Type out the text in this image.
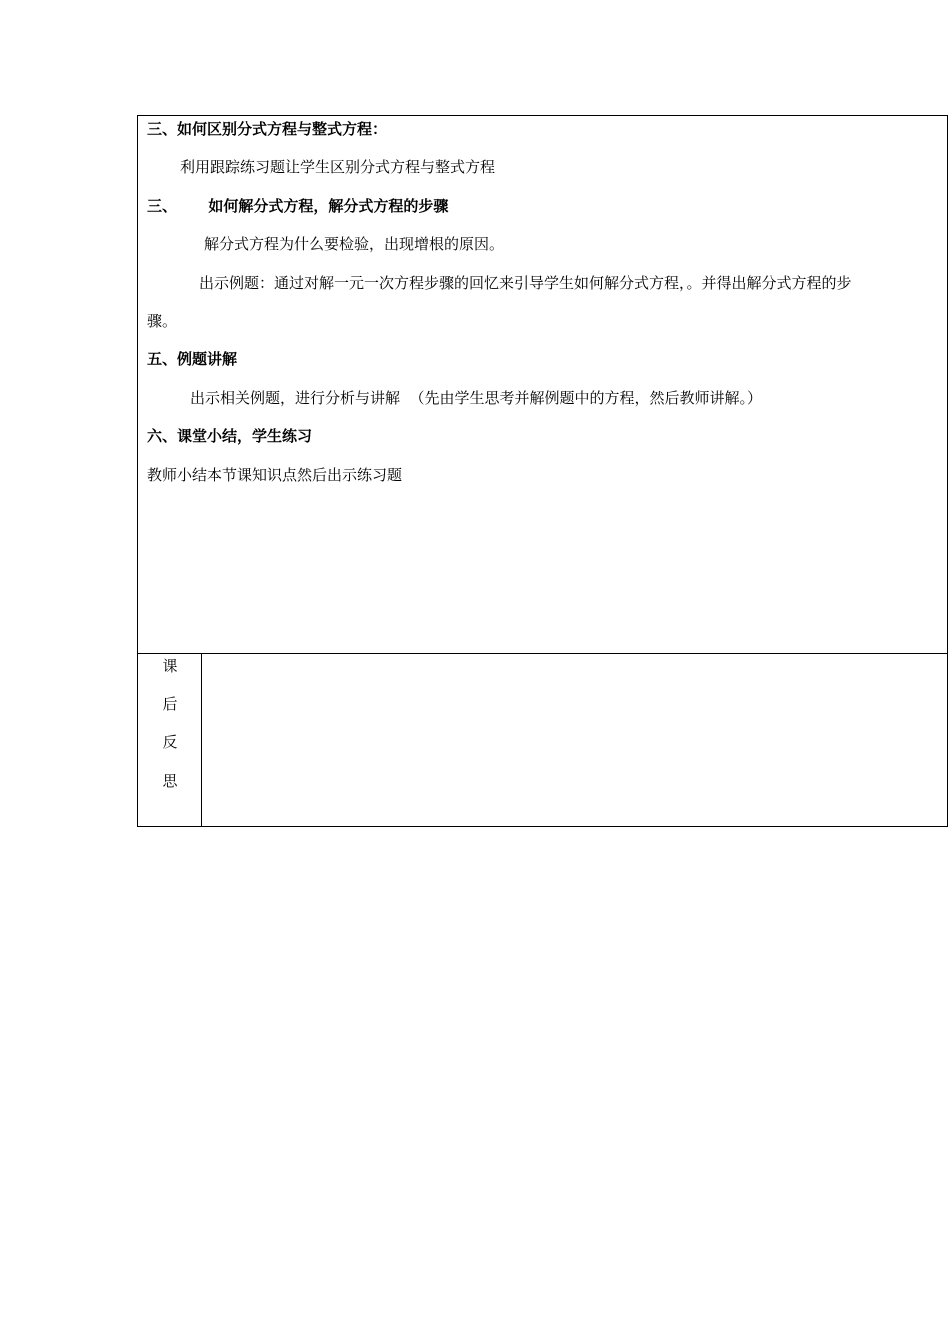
三、如何区别分式方程与整式方程：
利用跟踪练习题让学生区别分式方程与整式方程
三、      如何解分式方程，解分式方程的步骤
解分式方程为什么要检验，出现增根的原因。
出示例题：通过对解一元一次方程步骤的回忆来引导学生如何解分式方程，。并得出解分式方程的步
骤。
五、例题讲解
出示相关例题，进行分析与讲解  （先由学生思考并解例题中的方程，然后教师讲解。）
六、课堂小结，学生练习
教师小结本节课知识点然后出示练习题
课
后
反
思
